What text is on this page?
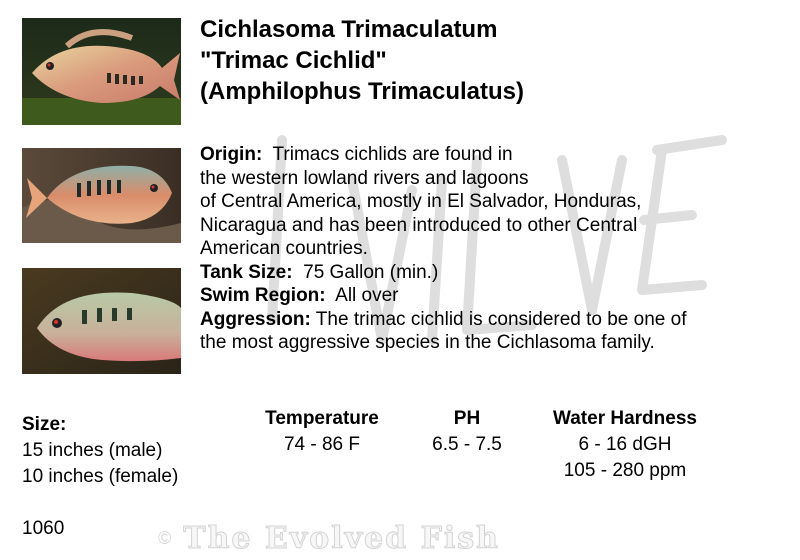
Cichlasoma Trimaculatum
"Trimac Cichlid"
(Amphilophus Trimaculatus)
Origin: Trimacs cichlids are found in
the western lowland rivers and lagoons
of Central America, mostly in El Salvador, Honduras,
Nicaragua and has been introduced to other Central
American countries.
Tank Size: 75 Gallon (min.)
Swim Region: All over
Aggression: The trimac cichlid is considered to be one of
the most aggressive species in the Cichlasoma family.
Size:
15 inches (male)
10 inches (female)
Temperature
74 - 86 F
PH
6.5 - 7.5
Water Hardness
6 - 16 dGH
105 - 280 ppm
1060	© The Evolved Fish
